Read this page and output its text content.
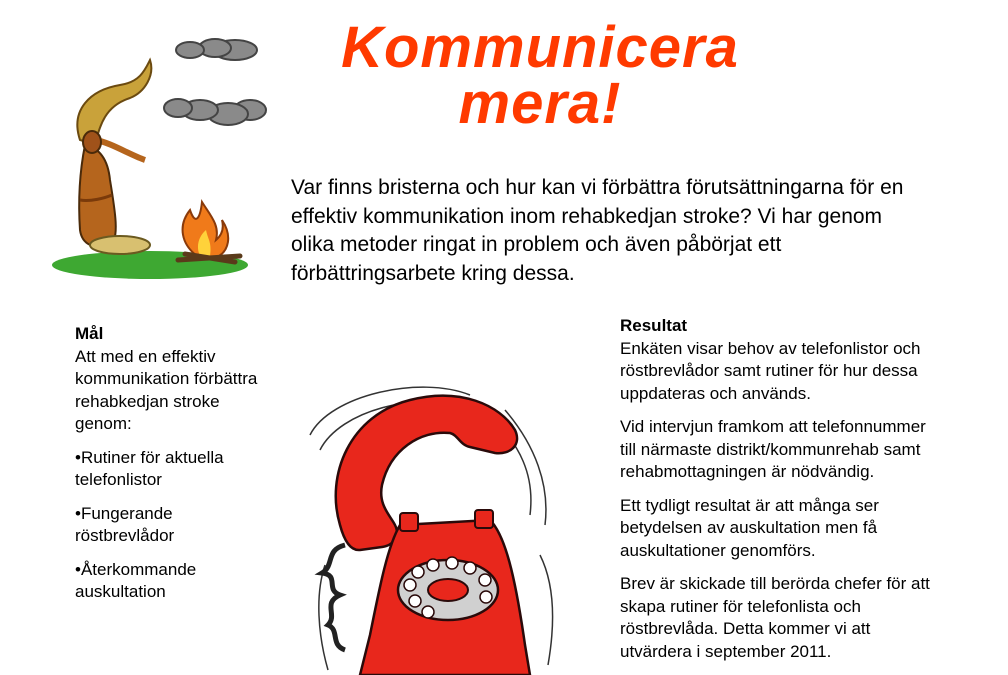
Kommunicera
mera!

Var finns bristerna och hur kan vi förbättra förutsättningarna för en effektiv kommunikation inom rehabkedjan stroke? Vi har genom olika metoder ringat in problem och även påbörjat ett förbättringsarbete kring dessa.

Mål

Att med en effektiv kommunikation förbättra rehabkedjan stroke genom:

•Rutiner för aktuella telefonlistor

•Fungerande röstbrevlådor

•Återkommande auskultation

Resultat

Enkäten visar behov av telefonlistor och röstbrevlådor samt rutiner för hur dessa uppdateras och används.

Vid intervjun framkom att telefonnummer till närmaste distrikt/kommunrehab samt rehabmottagningen är nödvändig.

Ett tydligt resultat är att många ser betydelsen av auskultation men få auskultationer genomförs.

Brev är skickade till berörda chefer för att skapa rutiner för telefonlista och röstbrevlåda. Detta kommer vi att utvärdera i september 2011.
